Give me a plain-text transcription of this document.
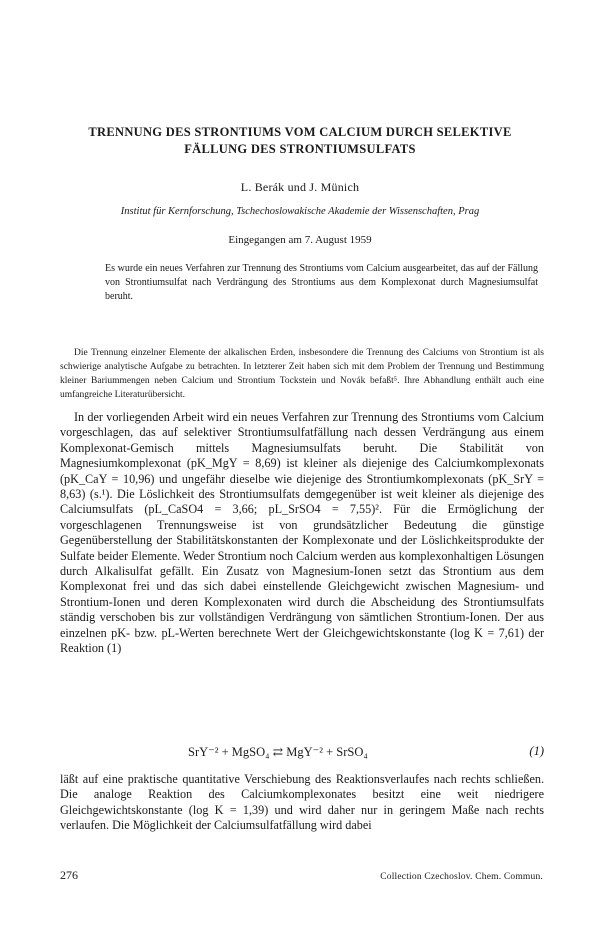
TRENNUNG DES STRONTIUMS VOM CALCIUM DURCH SELEKTIVE FÄLLUNG DES STRONTIUMSULFATS
L. Berák und J. Münich
Institut für Kernforschung, Tschechoslowakische Akademie der Wissenschaften, Prag
Eingegangen am 7. August 1959
Es wurde ein neues Verfahren zur Trennung des Strontiums vom Calcium ausgearbeitet, das auf der Fällung von Strontiumsulfat nach Verdrängung des Strontiums aus dem Komplexonat durch Magnesiumsulfat beruht.
Die Trennung einzelner Elemente der alkalischen Erden, insbesondere die Trennung des Calciums von Strontium ist als schwierige analytische Aufgabe zu betrachten. In letzterer Zeit haben sich mit dem Problem der Trennung und Bestimmung kleiner Bariummengen neben Calcium und Strontium Tockstein und Novák befaßt⁵. Ihre Abhandlung enthält auch eine umfangreiche Literaturübersicht.
In der vorliegenden Arbeit wird ein neues Verfahren zur Trennung des Strontiums vom Calcium vorgeschlagen, das auf selektiver Strontiumsulfatfällung nach dessen Verdrängung aus einem Komplexonat-Gemisch mittels Magnesiumsulfats beruht. Die Stabilität von Magnesiumkomplexonat (pK_MgY = 8,69) ist kleiner als diejenige des Calciumkomplexonats (pK_CaY = 10,96) und ungefähr dieselbe wie diejenige des Strontiumkomplexonats (pK_SrY = 8,63) (s.¹). Die Löslichkeit des Strontiumsulfats demgegenüber ist weit kleiner als diejenige des Calciumsulfats (pL_CaSO4 = 3,66; pL_SrSO4 = 7,55)². Für die Ermöglichung der vorgeschlagenen Trennungsweise ist von grundsätzlicher Bedeutung die günstige Gegenüberstellung der Stabilitätskonstanten der Komplexonate und der Löslichkeitsprodukte der Sulfate beider Elemente. Weder Strontium noch Calcium werden aus komplexonhaltigen Lösungen durch Alkalisulfat gefällt. Ein Zusatz von Magnesium-Ionen setzt das Strontium aus dem Komplexonat frei und das sich dabei einstellende Gleichgewicht zwischen Magnesium- und Strontium-Ionen und deren Komplexonaten wird durch die Abscheidung des Strontiumsulfats ständig verschoben bis zur vollständigen Verdrängung von sämtlichen Strontium-Ionen. Der aus einzelnen pK- bzw. pL-Werten berechnete Wert der Gleichgewichtskonstante (log K = 7,61) der Reaktion (1)
SrY⁻² + MgSO₄ ⇄ MgY⁻² + SrSO₄	(1)
läßt auf eine praktische quantitative Verschiebung des Reaktionsverlaufes nach rechts schließen. Die analoge Reaktion des Calciumkomplexonates besitzt eine weit niedrigere Gleichgewichtskonstante (log K = 1,39) und wird daher nur in geringem Maße nach rechts verlaufen. Die Möglichkeit der Calciumsulfatfällung wird dabei
276	Collection Czechoslov. Chem. Commun.
